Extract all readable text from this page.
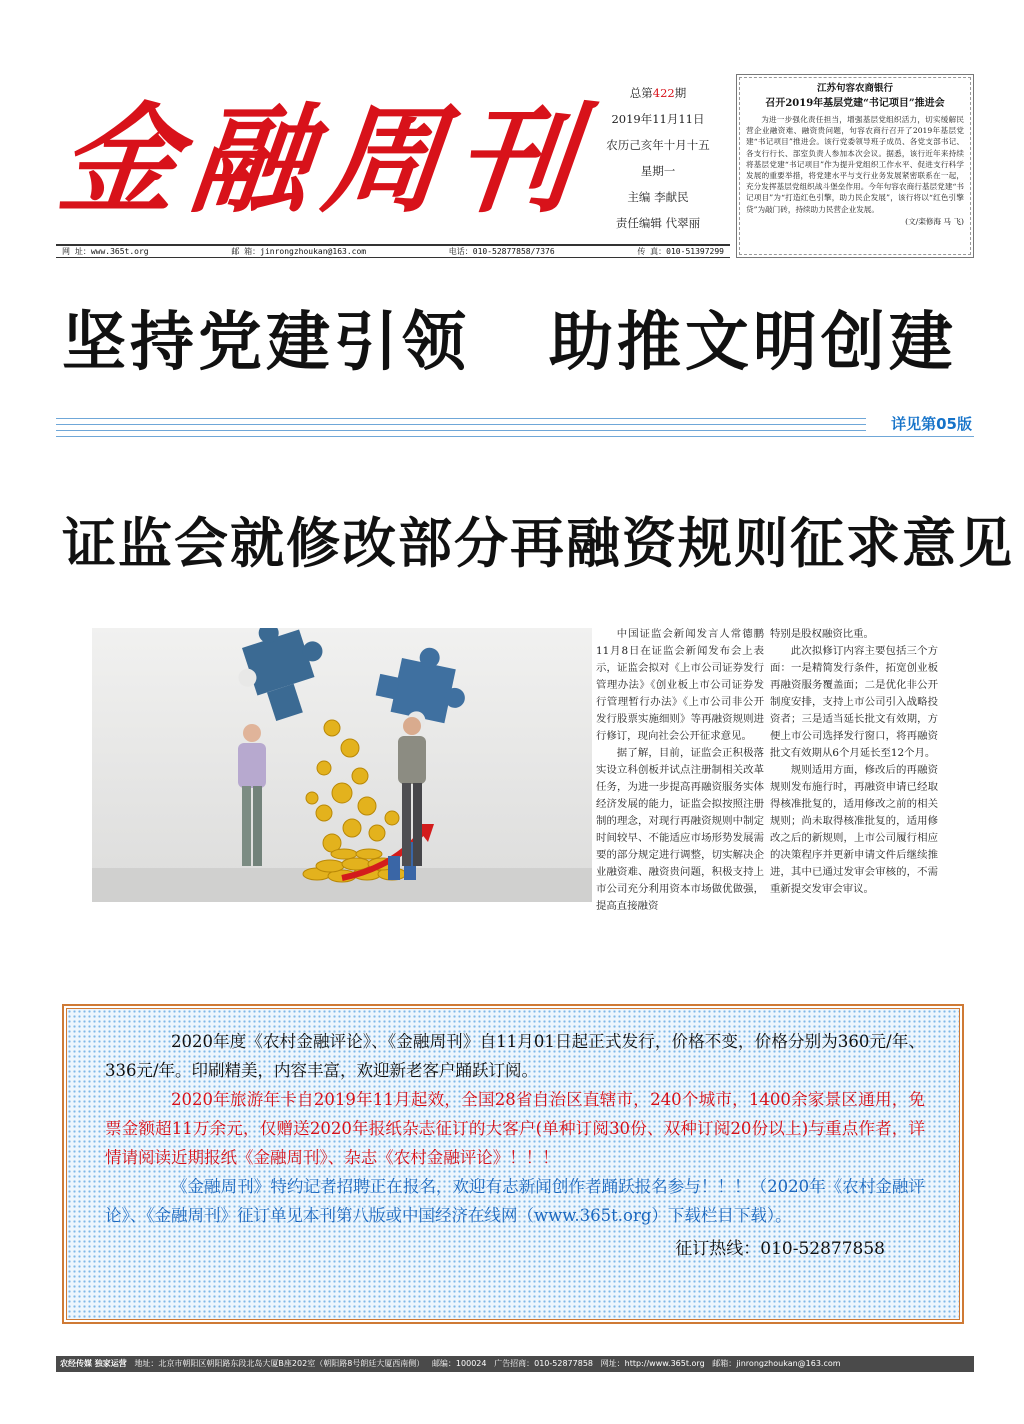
金融周刊	总第422期
2019年11月11日
农历己亥年十月十五
星期一
主编 李献民
责任编辑 代翠丽
江苏句容农商银行
召开2019年基层党建“书记项目”推进会
为进一步强化责任担当，增强基层党组织活力，切实缓解民营企业融资难、融资贵问题，句容农商行召开了2019年基层党建“书记项目”推进会。该行党委领导班子成员、各党支部书记、各支行行长、部室负责人参加本次会议。据悉，该行近年来持续将基层党建“书记项目”作为提升党组织工作水平、促进支行科学发展的重要举措，将党建水平与支行业务发展紧密联系在一起，充分发挥基层党组织战斗堡垒作用。今年句容农商行基层党建“书记项目”为“打造红色引擎，助力民企发展”，该行将以“红色引擎贷”为敲门砖，持续助力民营企业发展。
(文/栾修海 马 飞)
网 址：www.365t.org	邮 箱：jinrongzhoukan@163.com	电话：010-52877858/7376	传 真：010-51397299
坚持党建引领   助推文明创建
详见第05版
证监会就修改部分再融资规则征求意见

中国证监会新闻发言人常德鹏11月8日在证监会新闻发布会上表示，证监会拟对《上市公司证券发行管理办法》《创业板上市公司证券发行管理暂行办法》《上市公司非公开发行股票实施细则》等再融资规则进行修订，现向社会公开征求意见。

据了解，目前，证监会正积极落实设立科创板并试点注册制相关改革任务，为进一步提高再融资服务实体经济发展的能力，证监会拟按照注册制的理念，对现行再融资规则中制定时间较早、不能适应市场形势发展需要的部分规定进行调整，切实解决企业融资难、融资贵问题，积极支持上市公司充分利用资本市场做优做强，提高直接融资

特别是股权融资比重。

此次拟修订内容主要包括三个方面：一是精简发行条件，拓宽创业板再融资服务覆盖面；二是优化非公开制度安排，支持上市公司引入战略投资者；三是适当延长批文有效期，方便上市公司选择发行窗口，将再融资批文有效期从6个月延长至12个月。

规则适用方面，修改后的再融资规则发布施行时，再融资申请已经取得核准批复的，适用修改之前的相关规则；尚未取得核准批复的，适用修改之后的新规则，上市公司履行相应的决策程序并更新申请文件后继续推进，其中已通过发审会审核的，不需重新提交发审会审议。

2020年度《农村金融评论》、《金融周刊》自11月01日起正式发行，价格不变，价格分别为360元/年、336元/年。印刷精美，内容丰富，欢迎新老客户踊跃订阅。

2020年旅游年卡自2019年11月起效，全国28省自治区直辖市，240个城市，1400余家景区通用，免票金额超11万余元，仅赠送2020年报纸杂志征订的大客户(单种订阅30份、双种订阅20份以上)与重点作者，详情请阅读近期报纸《金融周刊》、杂志《农村金融评论》！！！

《金融周刊》特约记者招聘正在报名，欢迎有志新闻创作者踊跃报名参与！！！（2020年《农村金融评论》、《金融周刊》征订单见本刊第八版或中国经济在线网（www.365t.org）下载栏目下载）。

征订热线：010-52877858
农经传媒 独家运营 地址：北京市朝阳区朝阳路东段北岛大厦B座202室（朝阳路8号朗廷大厦西南侧） 邮编：100024 广告招商：010-52877858 网址：http://www.365t.org 邮箱：jinrongzhoukan@163.com
